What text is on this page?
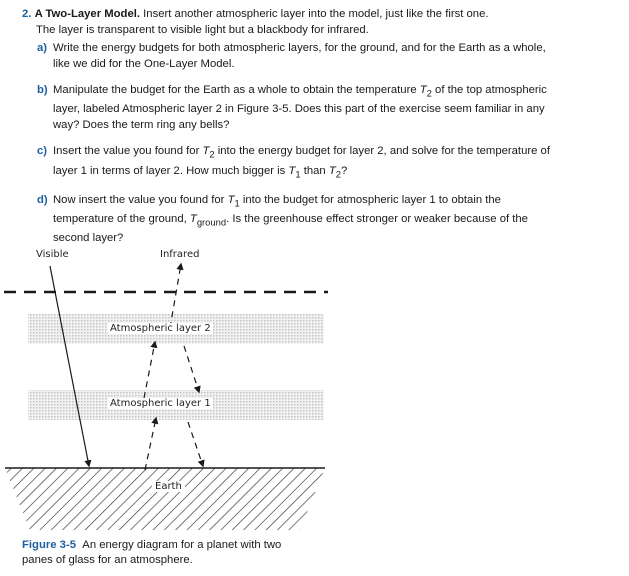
2. A Two-Layer Model. Insert another atmospheric layer into the model, just like the first one.
The layer is transparent to visible light but a blackbody for infrared.

a) Write the energy budgets for both atmospheric layers, for the ground, and for the Earth as a whole, like we did for the One-Layer Model.

b) Manipulate the budget for the Earth as a whole to obtain the temperature $T_2$ of the top atmospheric layer, labeled Atmospheric layer 2 in Figure 3-5. Does this part of the exercise seem familiar in any way? Does the term ring any bells?

c) Insert the value you found for $T_2$ into the energy budget for layer 2, and solve for the temperature of layer 1 in terms of layer 2. How much bigger is $T_1$ than $T_2$?

d) Now insert the value you found for $T_1$ into the budget for atmospheric layer 1 to obtain the temperature of the ground, $T_{ground}$. Is the greenhouse effect stronger or weaker because of the second layer?

Visible	Infrared
Atmospheric layer 2
Atmospheric layer 1
Earth

Figure 3-5 An energy diagram for a planet with two panes of glass for an atmosphere.
